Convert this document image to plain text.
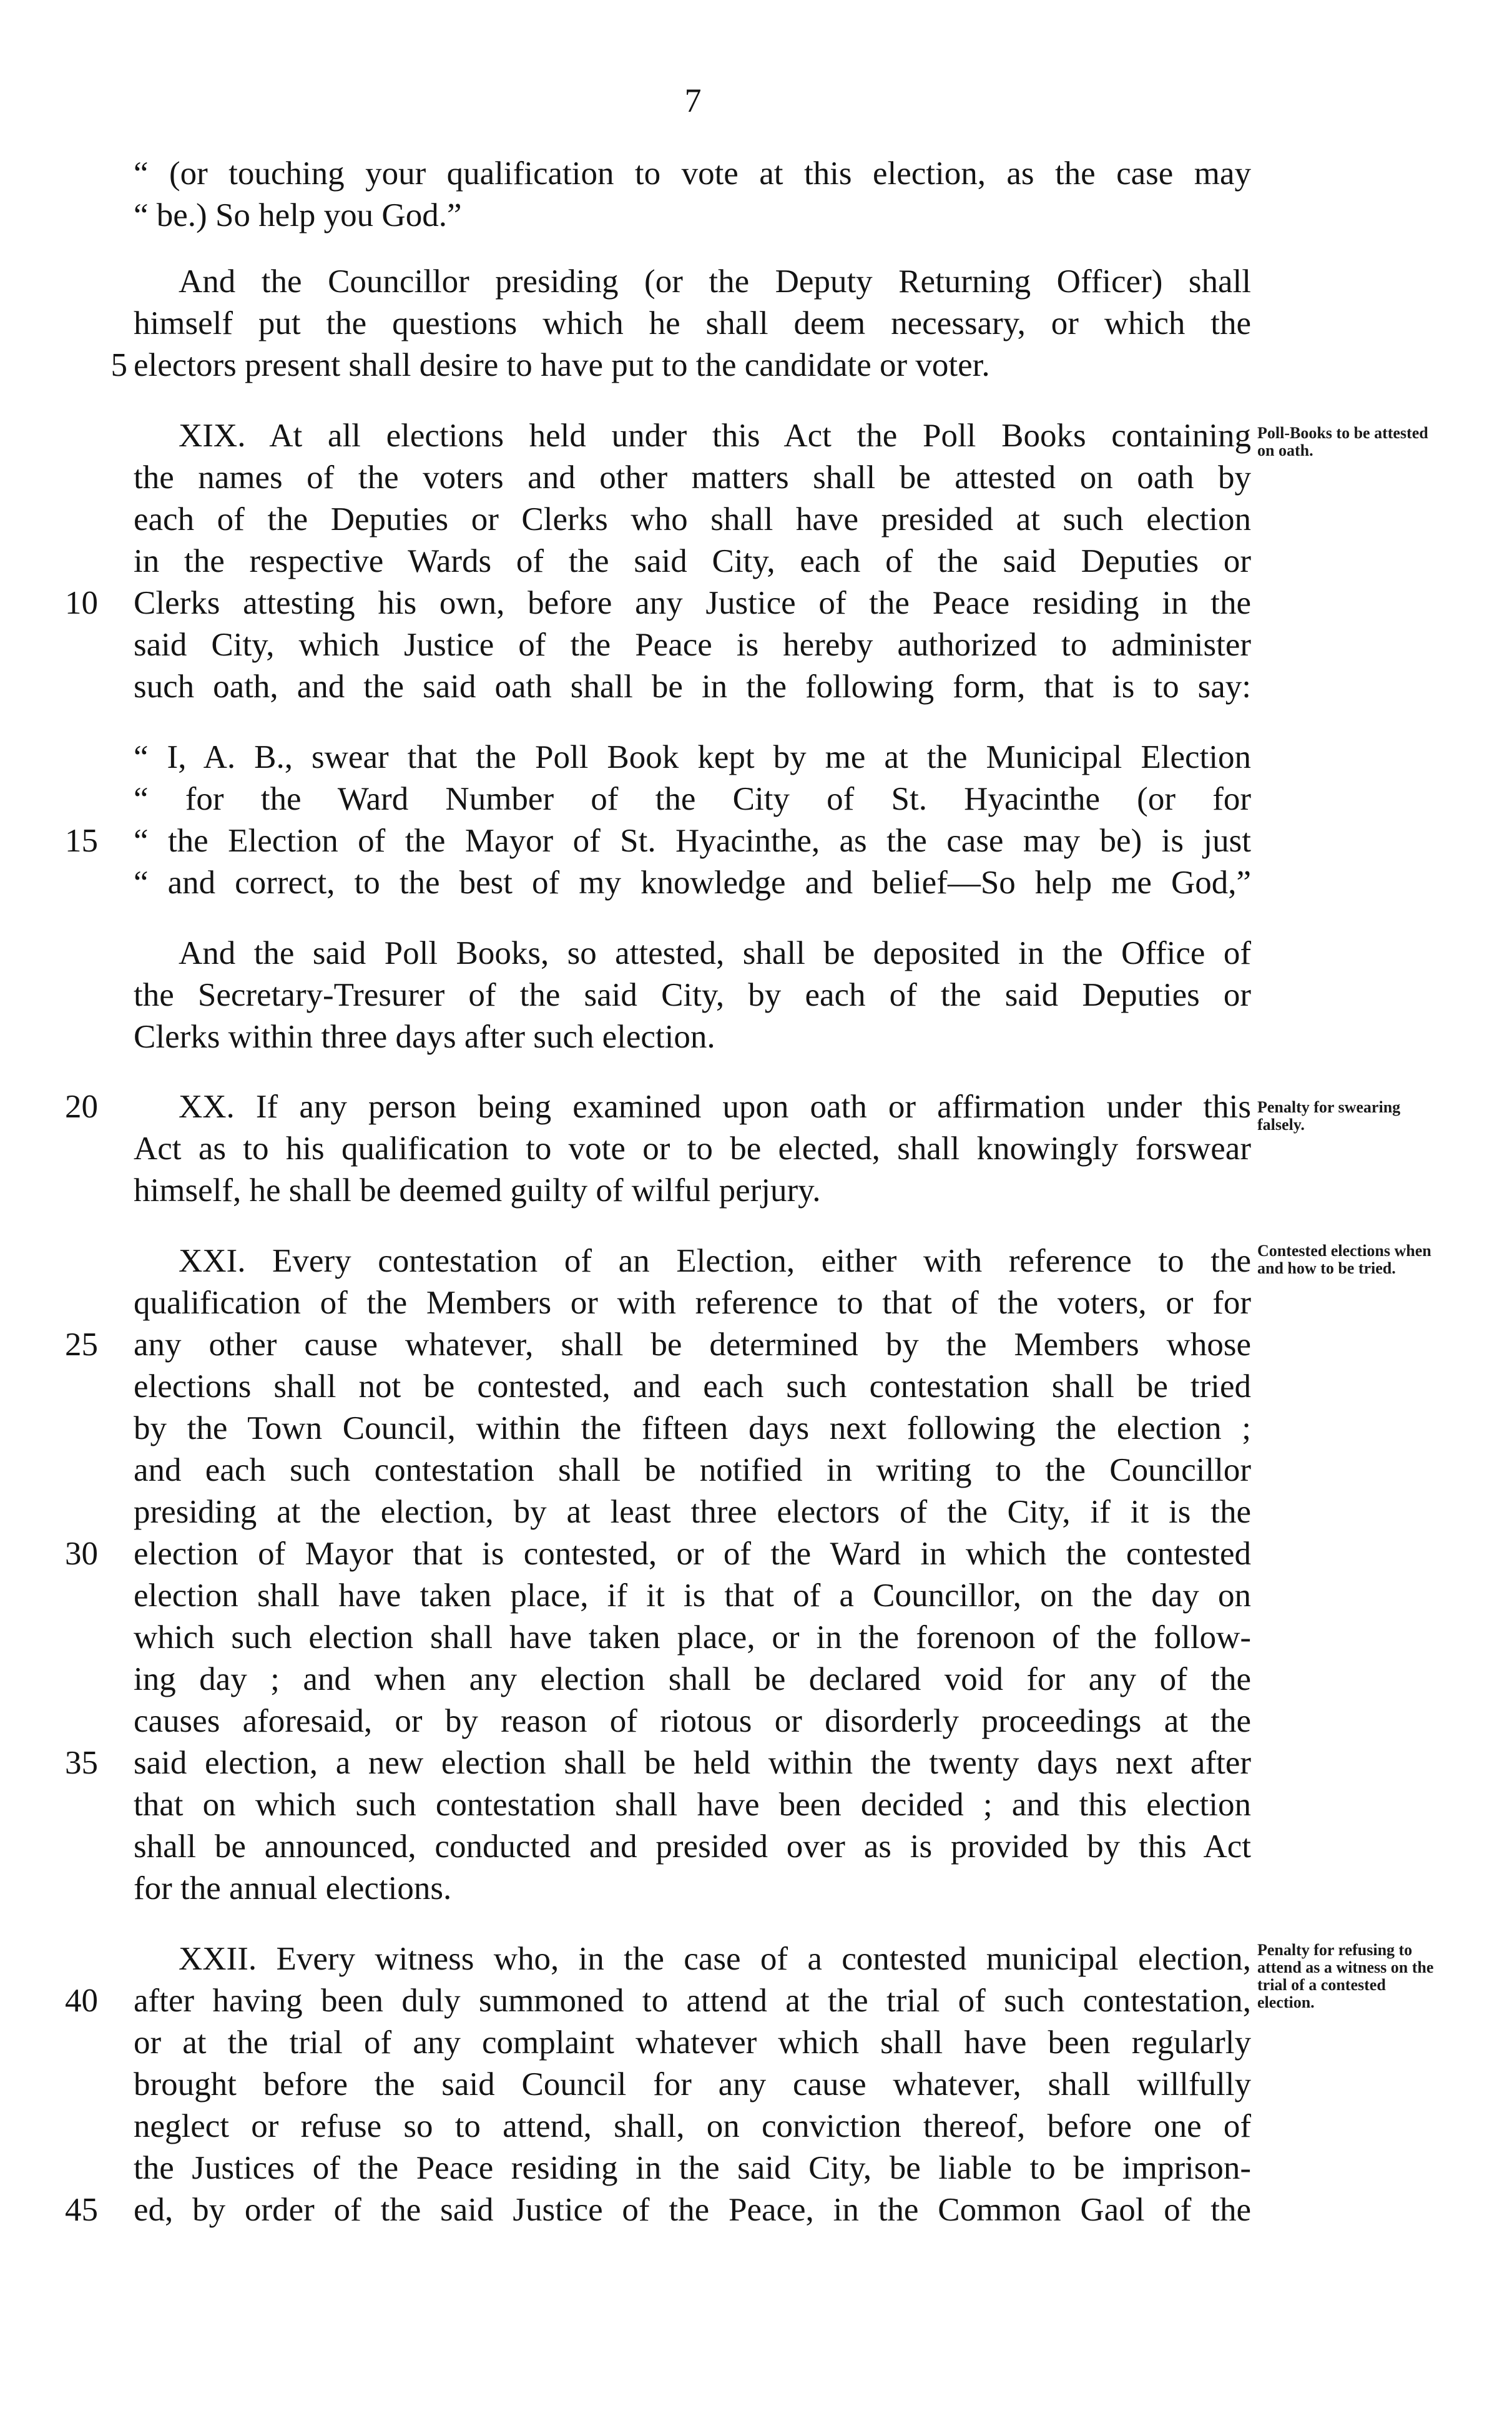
7
“ (or touching your qualification to vote at this election, as the case may
“ be.) So help you God.”
And the Councillor presiding (or the Deputy Returning Officer) shall
himself put the questions which he shall deem necessary, or which the
5 electors present shall desire to have put to the candidate or voter.
XIX. At all elections held under this Act the Poll Books containing
the names of the voters and other matters shall be attested on oath by
each of the Deputies or Clerks who shall have presided at such election
in the respective Wards of the said City, each of the said Deputies or
10	Clerks attesting his own, before any Justice of the Peace residing in the
said City, which Justice of the Peace is hereby authorized to administer
such oath, and the said oath shall be in the following form, that is to say:
“ I, A. B., swear that the Poll Book kept by me at the Municipal Election
“ for the Ward Number of the City of St. Hyacinthe (or for
15	“ the Election of the Mayor of St. Hyacinthe, as the case may be) is just
“ and correct, to the best of my knowledge and belief—So help me God,”
And the said Poll Books, so attested, shall be deposited in the Office of
the Secretary-Tresurer of the said City, by each of the said Deputies or
Clerks within three days after such election.
20	XX. If any person being examined upon oath or affirmation under this
Act as to his qualification to vote or to be elected, shall knowingly forswear
himself, he shall be deemed guilty of wilful perjury.
XXI. Every contestation of an Election, either with reference to the
qualification of the Members or with reference to that of the voters, or for
25	any other cause whatever, shall be determined by the Members whose
elections shall not be contested, and each such contestation shall be tried
by the Town Council, within the fifteen days next following the election ;
and each such contestation shall be notified in writing to the Councillor
presiding at the election, by at least three electors of the City, if it is the
30	election of Mayor that is contested, or of the Ward in which the contested
election shall have taken place, if it is that of a Councillor, on the day on
which such election shall have taken place, or in the forenoon of the follow-
ing day ; and when any election shall be declared void for any of the
causes aforesaid, or by reason of riotous or disorderly proceedings at the
35	said election, a new election shall be held within the twenty days next after
that on which such contestation shall have been decided ; and this election
shall be announced, conducted and presided over as is provided by this Act
for the annual elections.
XXII. Every witness who, in the case of a contested municipal election,
40	after having been duly summoned to attend at the trial of such contestation,
or at the trial of any complaint whatever which shall have been regularly
brought before the said Council for any cause whatever, shall willfully
neglect or refuse so to attend, shall, on conviction thereof, before one of
the Justices of the Peace residing in the said City, be liable to be imprison-
45	ed, by order of the said Justice of the Peace, in the Common Gaol of the
Poll-Books to be attested on oath.
Penalty for swearing falsely.
Contested elections when and how to be tried.
Penalty for refusing to attend as a witness on the trial of a contested election.
